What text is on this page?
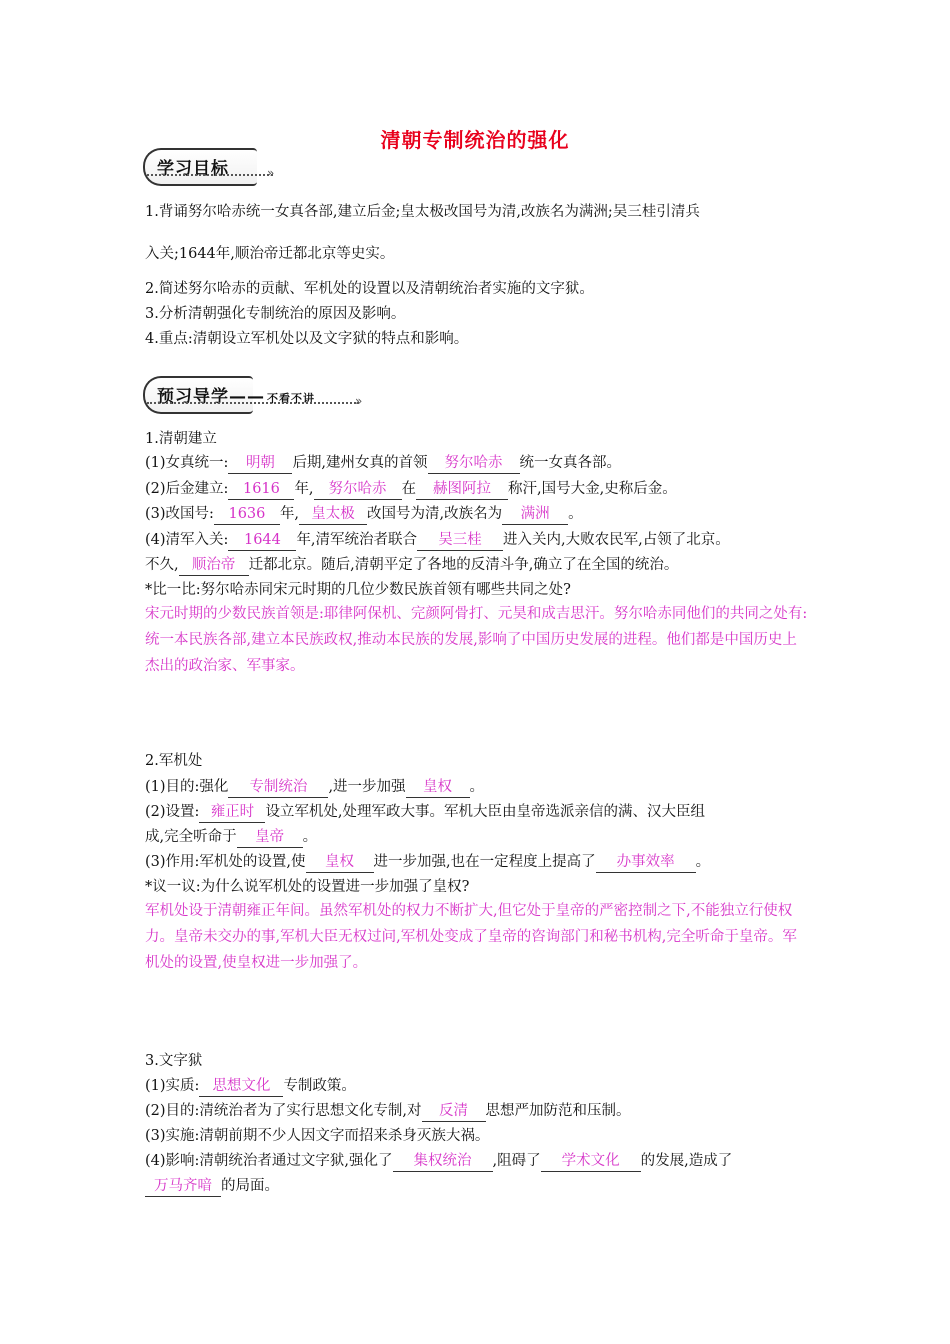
清朝专制统治的强化
学习目标	»
1.背诵努尔哈赤统一女真各部,建立后金;皇太极改国号为清,改族名为满洲;吴三桂引清兵
入关;1644年,顺治帝迁都北京等史实。
2.简述努尔哈赤的贡献、军机处的设置以及清朝统治者实施的文字狱。
3.分析清朝强化专制统治的原因及影响。
4.重点:清朝设立军机处以及文字狱的特点和影响。
预习导学—— 不看不讲	»
1.清朝建立
(1)女真统一: 明朝 后期,建州女真的首领 努尔哈赤 统一女真各部。
(2)后金建立: 1616 年, 努尔哈赤 在 赫图阿拉 称汗,国号大金,史称后金。
(3)改国号: 1636 年, 皇太极 改国号为清,改族名为 满洲 。
(4)清军入关: 1644 年,清军统治者联合 吴三桂 进入关内,大败农民军,占领了北京。
不久, 顺治帝 迁都北京。随后,清朝平定了各地的反清斗争,确立了在全国的统治。
*比一比:努尔哈赤同宋元时期的几位少数民族首领有哪些共同之处?
宋元时期的少数民族首领是:耶律阿保机、完颜阿骨打、元昊和成吉思汗。努尔哈赤同他们的共同之处有:统一本民族各部,建立本民族政权,推动本民族的发展,影响了中国历史发展的进程。他们都是中国历史上杰出的政治家、军事家。
2.军机处
(1)目的:强化 专制统治 ,进一步加强 皇权 。
(2)设置: 雍正时 设立军机处,处理军政大事。军机大臣由皇帝选派亲信的满、汉大臣组
成,完全听命于 皇帝 。
(3)作用:军机处的设置,使 皇权 进一步加强,也在一定程度上提高了 办事效率 。
*议一议:为什么说军机处的设置进一步加强了皇权?
军机处设于清朝雍正年间。虽然军机处的权力不断扩大,但它处于皇帝的严密控制之下,不能独立行使权力。皇帝未交办的事,军机大臣无权过问,军机处变成了皇帝的咨询部门和秘书机构,完全听命于皇帝。军机处的设置,使皇权进一步加强了。
3.文字狱
(1)实质: 思想文化 专制政策。
(2)目的:清统治者为了实行思想文化专制,对 反清 思想严加防范和压制。
(3)实施:清朝前期不少人因文字而招来杀身灭族大祸。
(4)影响:清朝统治者通过文字狱,强化了 集权统治 ,阻碍了 学术文化 的发展,造成了
万马齐喑 的局面。
